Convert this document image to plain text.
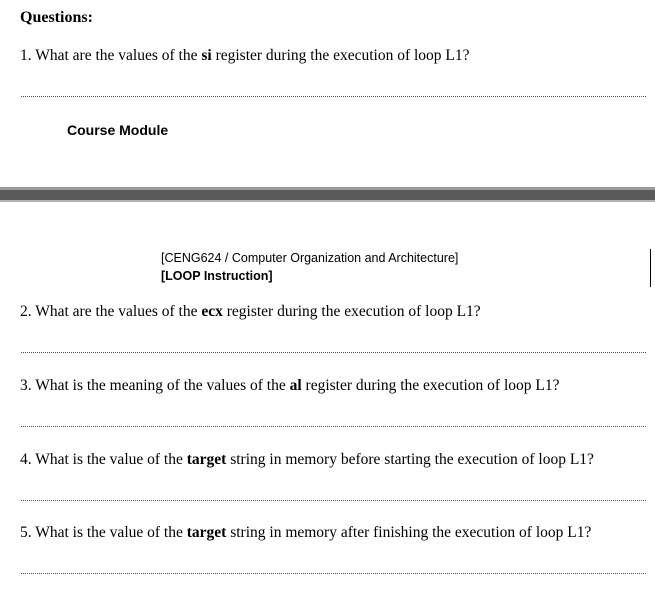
Questions:
1. What are the values of the si register during the execution of loop L1?
Course Module
[CENG624 / Computer Organization and Architecture]
[LOOP Instruction]
2. What are the values of the ecx register during the execution of loop L1?
3. What is the meaning of the values of the al register during the execution of loop L1?
4. What is the value of the target string in memory before starting the execution of loop L1?
5. What is the value of the target string in memory after finishing the execution of loop L1?
